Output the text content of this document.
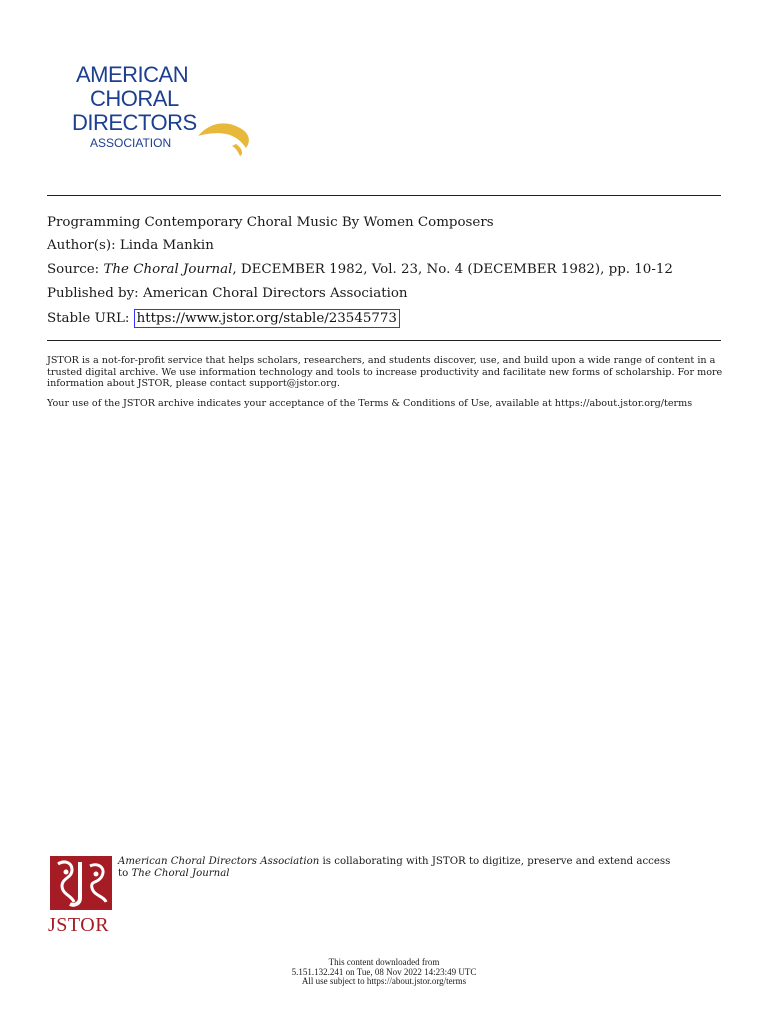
AMERICAN
CHORAL
DIRECTORS
ASSOCIATION
Programming Contemporary Choral Music By Women Composers
Author(s): Linda Mankin
Source: The Choral Journal, DECEMBER 1982, Vol. 23, No. 4 (DECEMBER 1982), pp. 10-12
Published by: American Choral Directors Association
Stable URL: https://www.jstor.org/stable/23545773
JSTOR is a not-for-profit service that helps scholars, researchers, and students discover, use, and build upon a wide range of content in a trusted digital archive. We use information technology and tools to increase productivity and facilitate new forms of scholarship. For more information about JSTOR, please contact support@jstor.org.
Your use of the JSTOR archive indicates your acceptance of the Terms & Conditions of Use, available at https://about.jstor.org/terms
JSTOR
American Choral Directors Association is collaborating with JSTOR to digitize, preserve and extend access to The Choral Journal
This content downloaded from
5.151.132.241 on Tue, 08 Nov 2022 14:23:49 UTC
All use subject to https://about.jstor.org/terms
